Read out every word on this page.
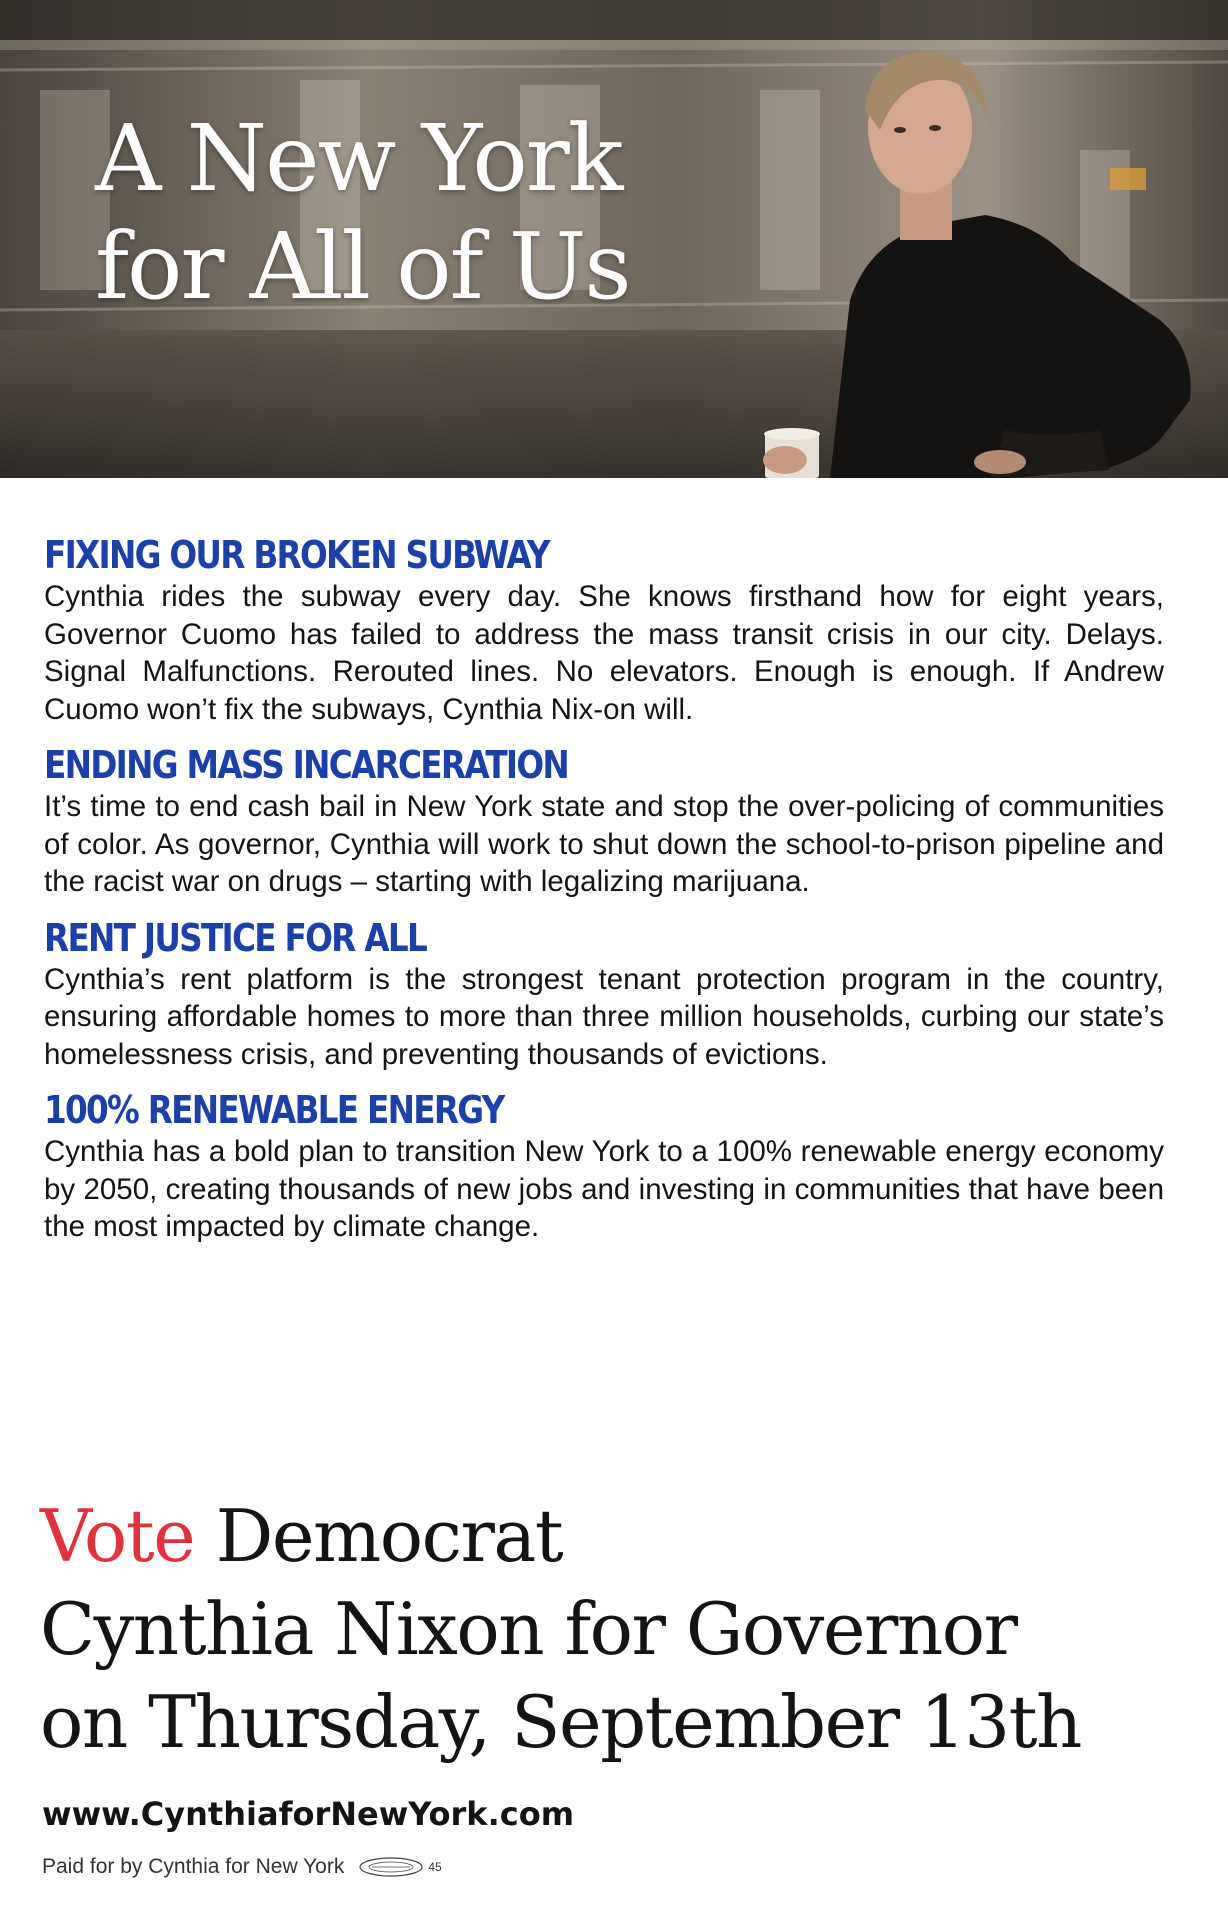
A New York
for All of Us
FIXING OUR BROKEN SUBWAY
Cynthia rides the subway every day. She knows firsthand how for eight years, Governor Cuomo has failed to address the mass transit crisis in our city. Delays. Signal Malfunctions. Rerouted lines. No elevators. Enough is enough. If Andrew Cuomo won’t fix the subways, Cynthia Nix-on will.
ENDING MASS INCARCERATION
It’s time to end cash bail in New York state and stop the over-policing of communities of color. As governor, Cynthia will work to shut down the school-to-prison pipeline and the racist war on drugs – starting with legalizing marijuana.
RENT JUSTICE FOR ALL
Cynthia’s rent platform is the strongest tenant protection program in the country, ensuring affordable homes to more than three million households, curbing our state’s homelessness crisis, and preventing thousands of evictions.
100% RENEWABLE ENERGY
Cynthia has a bold plan to transition New York to a 100% renewable energy economy by 2050, creating thousands of new jobs and investing in communities that have been the most impacted by climate change.
Vote Democrat
Cynthia Nixon for Governor
on Thursday, September 13th
www.CynthiaforNewYork.com
Paid for by Cynthia for New York	45
